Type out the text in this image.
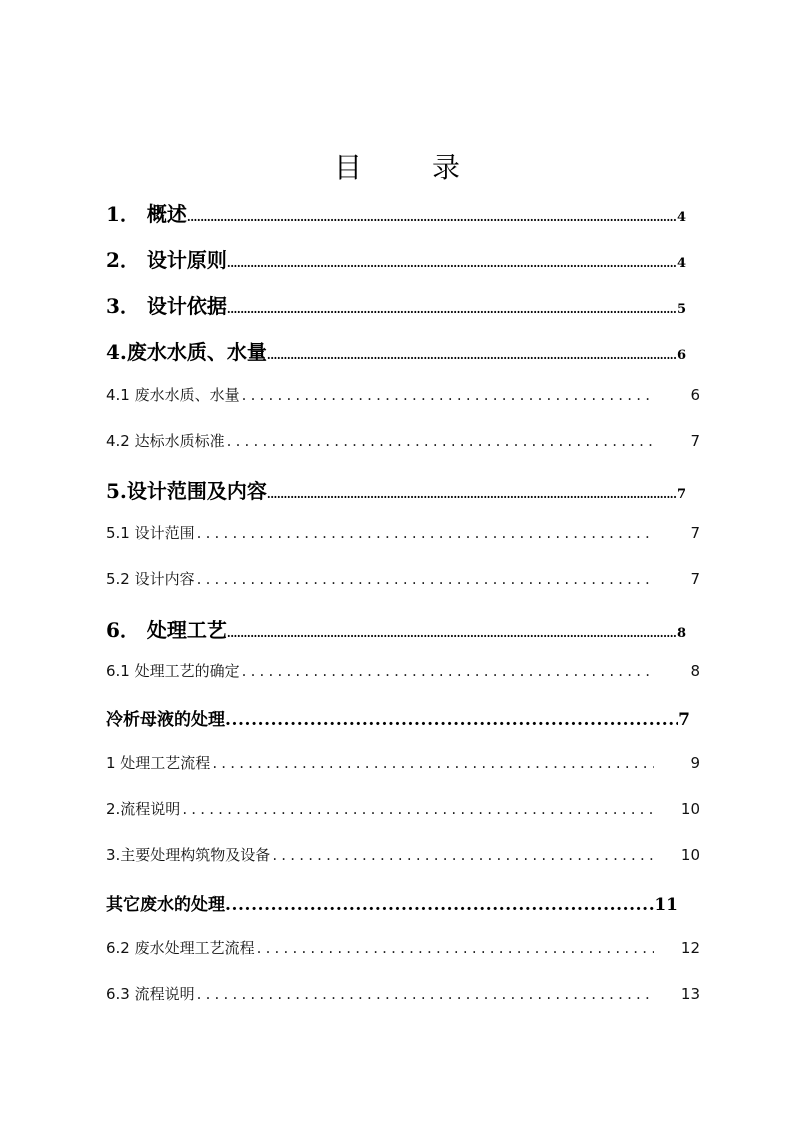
目	录
1． 概述 .....	4
2． 设计原则 .....	4
3． 设计依据 .....	5
4.废水水质、水量 .....	6
4.1 废水水质、水量 .....	6
4.2 达标水质标准 .....	7
5.设计范围及内容 .....	7
5.1 设计范围 .....	7
5.2 设计内容 .....	7
6． 处理工艺 .....	8
6.1 处理工艺的确定 .....	8
冷析母液的处理 .....	7
1 处理工艺流程 .....	9
2.流程说明 .....	10
3.主要处理构筑物及设备 .....	10
其它废水的处理 .....	11
6.2 废水处理工艺流程 .....	12
6.3 流程说明 .....	13
